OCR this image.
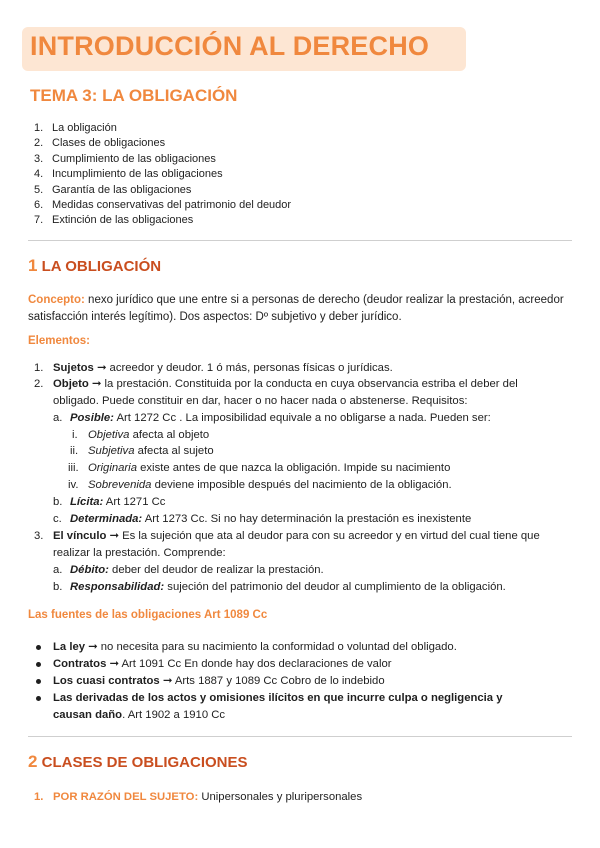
INTRODUCCIÓN AL DERECHO
TEMA 3: LA OBLIGACIÓN
1. La obligación
2. Clases de obligaciones
3. Cumplimiento de las obligaciones
4. Incumplimiento de las obligaciones
5. Garantía de las obligaciones
6. Medidas conservativas del patrimonio del deudor
7. Extinción de las obligaciones
1 LA OBLIGACIÓN
Concepto: nexo jurídico que une entre si a personas de derecho (deudor realizar la prestación, acreedor satisfacción interés legítimo). Dos aspectos: Dº subjetivo y deber jurídico.
Elementos:
1. Sujetos ➞ acreedor y deudor. 1 ó más, personas físicas o jurídicas.
2. Objeto ➞ la prestación. Constituida por la conducta en cuya observancia estriba el deber del
obligado. Puede constituir en dar, hacer o no hacer nada o abstenerse. Requisitos:
a. Posible: Art 1272 Cc . La imposibilidad equivale a no obligarse a nada. Pueden ser:
i. Objetiva afecta al objeto
ii. Subjetiva afecta al sujeto
iii. Originaria existe antes de que nazca la obligación. Impide su nacimiento
iv. Sobrevenida deviene imposible después del nacimiento de la obligación.
b. Lícita: Art 1271 Cc
c. Determinada: Art 1273 Cc. Si no hay determinación la prestación es inexistente
3. El vínculo ➞ Es la sujeción que ata al deudor para con su acreedor y en virtud del cual tiene que
realizar la prestación. Comprende:
a. Débito: deber del deudor de realizar la prestación.
b. Responsabilidad: sujeción del patrimonio del deudor al cumplimiento de la obligación.
Las fuentes de las obligaciones Art 1089 Cc
La ley ➞ no necesita para su nacimiento la conformidad o voluntad del obligado.
Contratos ➞ Art 1091 Cc En donde hay dos declaraciones de valor
Los cuasi contratos ➞ Arts 1887 y 1089 Cc Cobro de lo indebido
Las derivadas de los actos y omisiones ilícitos en que incurre culpa o negligencia y
causan daño. Art 1902 a 1910 Cc
2 CLASES DE OBLIGACIONES
1. POR RAZÓN DEL SUJETO: Unipersonales y pluripersonales
